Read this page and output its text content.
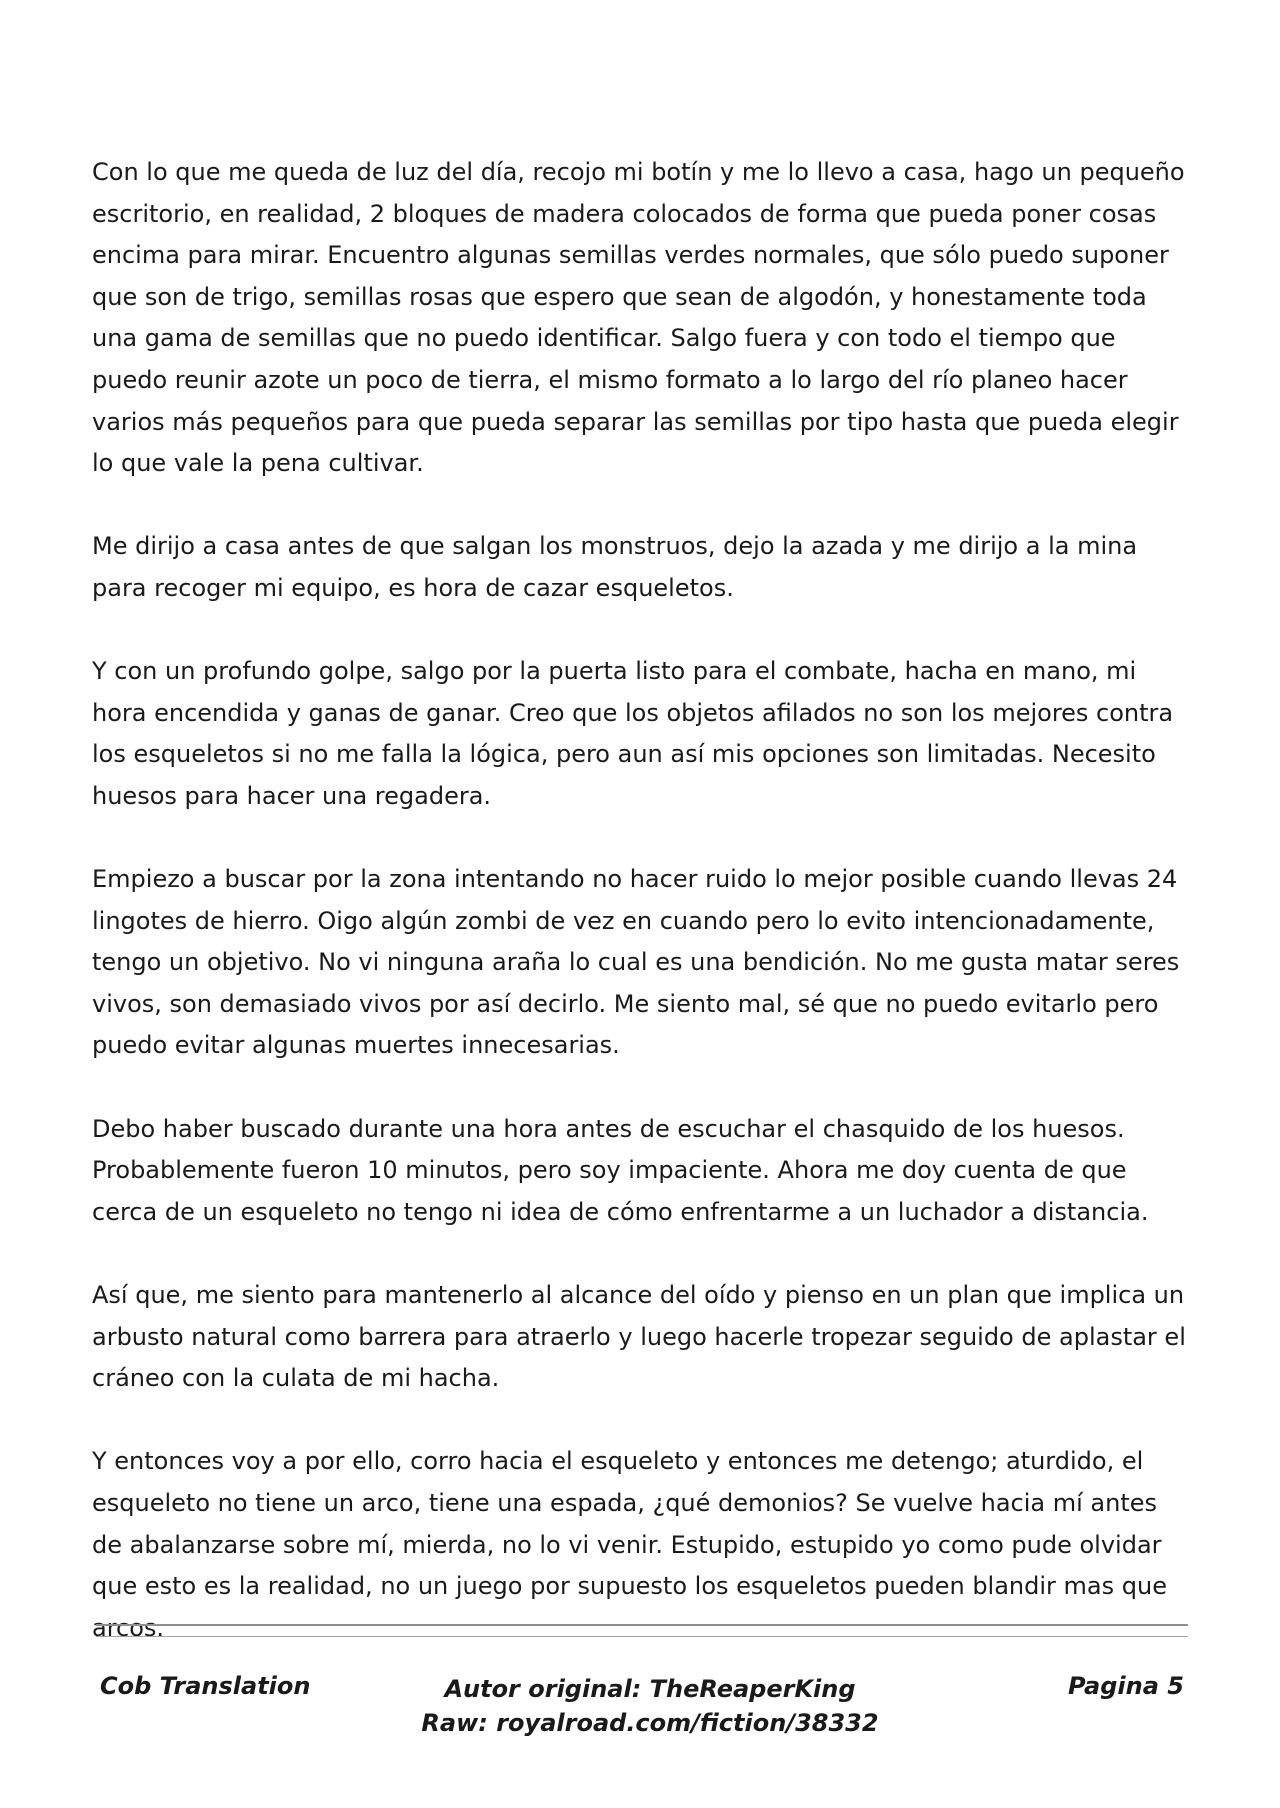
Con lo que me queda de luz del día, recojo mi botín y me lo llevo a casa, hago un pequeño escritorio, en realidad, 2 bloques de madera colocados de forma que pueda poner cosas encima para mirar. Encuentro algunas semillas verdes normales, que sólo puedo suponer que son de trigo, semillas rosas que espero que sean de algodón, y honestamente toda una gama de semillas que no puedo identificar. Salgo fuera y con todo el tiempo que puedo reunir azote un poco de tierra, el mismo formato a lo largo del río planeo hacer varios más pequeños para que pueda separar las semillas por tipo hasta que pueda elegir lo que vale la pena cultivar.

Me dirijo a casa antes de que salgan los monstruos, dejo la azada y me dirijo a la mina para recoger mi equipo, es hora de cazar esqueletos.

Y con un profundo golpe, salgo por la puerta listo para el combate, hacha en mano, mi hora encendida y ganas de ganar. Creo que los objetos afilados no son los mejores contra los esqueletos si no me falla la lógica, pero aun así mis opciones son limitadas. Necesito huesos para hacer una regadera.

Empiezo a buscar por la zona intentando no hacer ruido lo mejor posible cuando llevas 24 lingotes de hierro. Oigo algún zombi de vez en cuando pero lo evito intencionadamente, tengo un objetivo. No vi ninguna araña lo cual es una bendición. No me gusta matar seres vivos, son demasiado vivos por así decirlo. Me siento mal, sé que no puedo evitarlo pero puedo evitar algunas muertes innecesarias.

Debo haber buscado durante una hora antes de escuchar el chasquido de los huesos. Probablemente fueron 10 minutos, pero soy impaciente. Ahora me doy cuenta de que cerca de un esqueleto no tengo ni idea de cómo enfrentarme a un luchador a distancia.

Así que, me siento para mantenerlo al alcance del oído y pienso en un plan que implica un arbusto natural como barrera para atraerlo y luego hacerle tropezar seguido de aplastar el cráneo con la culata de mi hacha.

Y entonces voy a por ello, corro hacia el esqueleto y entonces me detengo; aturdido, el esqueleto no tiene un arco, tiene una espada, ¿qué demonios? Se vuelve hacia mí antes de abalanzarse sobre mí, mierda, no lo vi venir. Estupido, estupido yo como pude olvidar que esto es la realidad, no un juego por supuesto los esqueletos pueden blandir mas que arcos.

Cob Translation	Autor original: TheReaperKing
Raw: royalroad.com/fiction/38332
Pagina 5
